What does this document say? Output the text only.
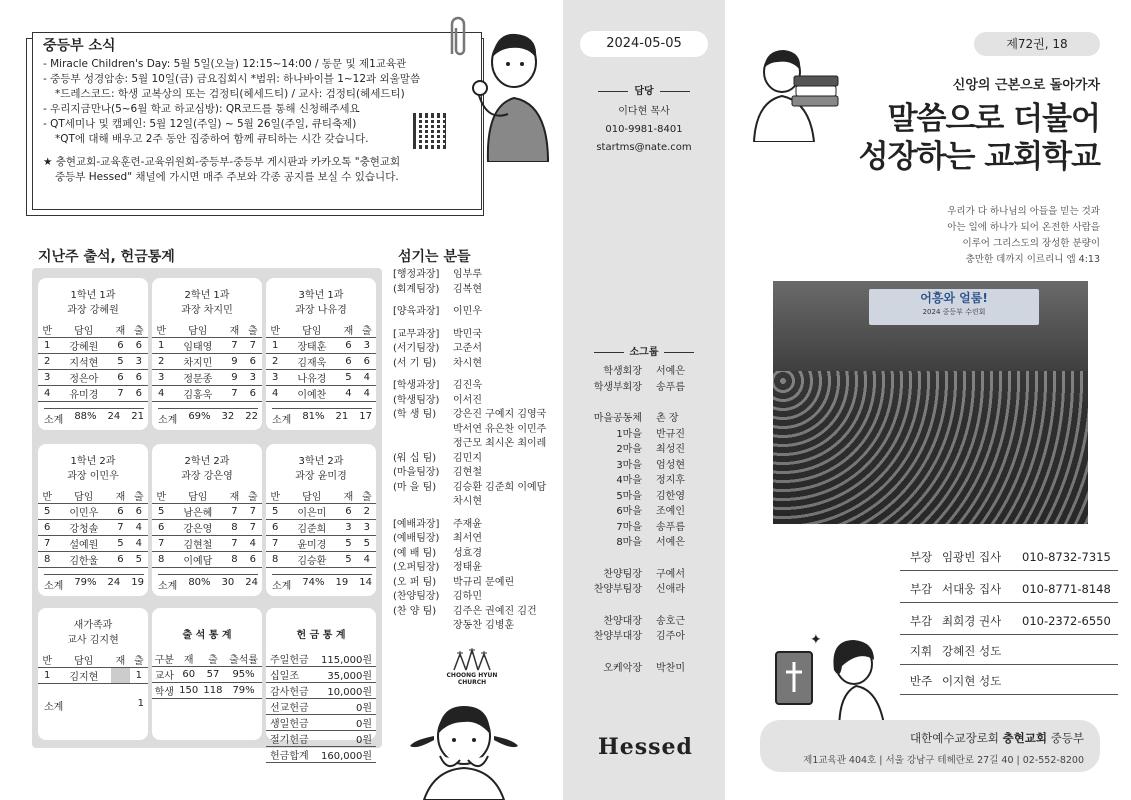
중등부 소식
- Miracle Children's Day: 5월 5일(오늘) 12:15~14:00 / 동문 및 제1교육관
- 중등부 성경암송: 5월 10일(금) 금요집회시 *범위: 하나바이블 1~12과 외울말씀
*드레스코드: 학생 교복상의 또는 검정티(헤세드티) / 교사: 검정티(헤세드티)
- 우리지금만나(5~6월 학교 하교심방): QR코드를 통해 신청해주세요
- QT세미나 및 캠페인: 5월 12일(주일) ~ 5월 26일(주일, 큐티축제)
*QT에 대해 배우고 2주 동안 집중하여 함께 큐티하는 시간 갖습니다.
★ 충현교회-교육훈련-교육위원회-중등부-중등부 게시판과 카카오톡 "충현교회
중등부 Hessed" 채널에 가시면 매주 주보와 각종 공지를 보실 수 있습니다.
지난주 출석, 헌금통계
1학년 1과
과장 강혜원
반	담임	재	출
1	강혜원	6	6
2	지석현	5	3
3	정은아	6	6
4	유미경	7	6
소계 88% 24 21
2학년 1과
과장 차지민
반	담임	재	출
1	임태영	7	7
2	차지민	9	6
3	정문종	9	3
4	김홍욱	7	6
소계 69% 32 22
3학년 1과
과장 나유경
반	담임	재	출
1	장태훈	6	3
2	김재욱	6	6
3	나유경	5	4
4	이예찬	4	4
소계 81% 21 17
1학년 2과
과장 이민우
반	담임	재	출
5	이민우	6	6
6	강청솔	7	4
7	설예원	5	4
8	김한울	6	5
소계 79% 24 19
2학년 2과
과장 강은영
반	담임	재	출
5	남은혜	7	7
6	강은영	8	7
7	김현철	7	4
8	이예담	8	6
소계 80% 30 24
3학년 2과
과장 윤미경
반	담임	재	출
5	이은미	6	2
6	김준희	3	3
7	윤미경	5	5
8	김승환	5	4
소계 74% 19 14
새가족과
교사 김지현
반	담임	재	출
1	김지현		1
소계	1
출 석 통 계
구분	재	출	출석률
교사	60	57	95%
학생	150	118	79%
헌 금 통 계
주일헌금	115,000원
십일조	35,000원
감사헌금	10,000원
선교헌금	0원
생일헌금	0원
절기헌금	0원
헌금합계	160,000원
섬기는 분들
[행정과장]	임부루
(회계팀장)	김복현
[양육과장]	이민우
[교무과장]	박민국
(서기팀장)	고준서
(서 기 팀)	차시현
[학생과장]	김진욱
(학생팀장)	이서진
(학 생 팀)	강은진 구예지 김영국
박서연 유은찬 이민주
정근모 최시온 최이레
(워 십 팀)	김민지
(마을팀장)	김현철
(마 을 팀)	김승환 김준희 이예담
차시현
[예배과장]	주재윤
(예배팀장)	최서연
(예 배 팀)	성효경
(오퍼팀장)	정태윤
(오 퍼 팀)	박규리 문예린
(찬양팀장)	김하민
(찬 양 팀)	김주은 권예진 김건
장동찬 김병훈
CHOONG HYUN
CHURCH
2024-05-05
담당
이다현 목사
010-9981-8401
startms@nate.com
소그룹
학생회장 서예은
학생부회장 송푸름
마을공동체 촌 장
1마을 반규진
2마을 최성진
3마을 엄성현
4마을 정지후
5마을 김한영
6마을 조예인
7마을 송푸름
8마을 서예은
찬양팀장 구예서
찬양부팀장 신애라
찬양대장 송호근
찬양부대장 김주아
오케악장 박찬미
Hessed
제72권, 18
신앙의 근본으로 돌아가자
말씀으로 더불어
성장하는 교회학교
우리가 다 하나님의 아들을 믿는 것과
아는 일에 하나가 되어 온전한 사람을
이루어 그리스도의 장성한 분량이
충만한 데까지 이르리니 엡 4:13
어흥와 얼룸!
2024 중등부 수련회
부장 임광빈 집사	010-8732-7315
부감 서대웅 집사	010-8771-8148
부감 최희경 권사	010-2372-6550
지휘 강혜진 성도
반주 이지현 성도
✦
대한예수교장로회 충현교회 중등부
제1교육관 404호 | 서울 강남구 테헤란로 27길 40 | 02-552-8200
